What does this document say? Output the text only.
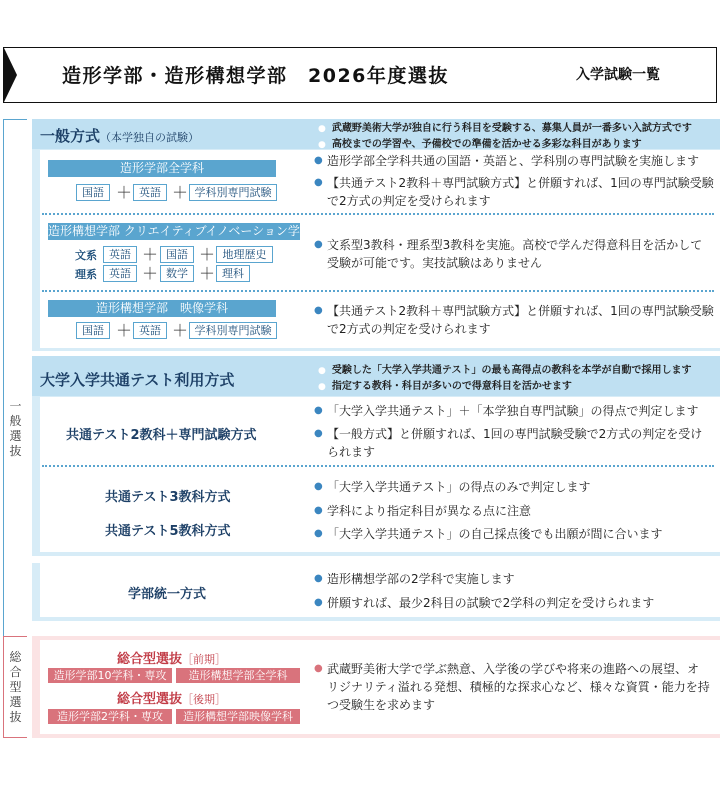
造形学部・造形構想学部　2026年度選抜	入学試験一覧
一
般
選
抜
総
合
型
選
抜
一般方式（本学独自の試験）
● 武蔵野美術大学が独自に行う科目を受験する、募集人員が一番多い入試方式です
● 高校までの学習や、予備校での準備を活かせる多彩な科目があります
造形学部全学科
国語 ＋ 英語 ＋ 学科別専門試験
● 造形学部全学科共通の国語・英語と、学科別の専門試験を実施します
● 【共通テスト2教科＋専門試験方式】と併願すれば、1回の専門試験受験で2方式の判定を受けられます
造形構想学部 クリエイティブイノベーション学科
文系	英語 ＋ 国語 ＋ 地理歴史
理系	英語 ＋ 数学 ＋ 理科
● 文系型3教科・理系型3教科を実施。高校で学んだ得意科目を活かして受験が可能です。実技試験はありません
造形構想学部　映像学科
国語 ＋ 英語 ＋ 学科別専門試験
● 【共通テスト2教科＋専門試験方式】と併願すれば、1回の専門試験受験で2方式の判定を受けられます
大学入学共通テスト利用方式
● 受験した「大学入学共通テスト」の最も高得点の教科を本学が自動で採用します
● 指定する教科・科目が多いので得意科目を活かせます
共通テスト2教科＋専門試験方式
● 「大学入学共通テスト」＋「本学独自専門試験」の得点で判定します
● 【一般方式】と併願すれば、1回の専門試験受験で2方式の判定を受けられます
共通テスト3教科方式
共通テスト5教科方式
● 「大学入学共通テスト」の得点のみで判定します
● 学科により指定科目が異なる点に注意
● 「大学入学共通テスト」の自己採点後でも出願が間に合います
学部統一方式
● 造形構想学部の2学科で実施します
● 併願すれば、最少2科目の試験で2学科の判定を受けられます
総合型選抜［前期］
造形学部10学科・専攻	造形構想学部全学科
総合型選抜［後期］
造形学部2学科・専攻	造形構想学部映像学科
● 武蔵野美術大学で学ぶ熱意、入学後の学びや将来の進路への展望、オリジナリティ溢れる発想、積極的な探求心など、様々な資質・能力を持つ受験生を求めます
